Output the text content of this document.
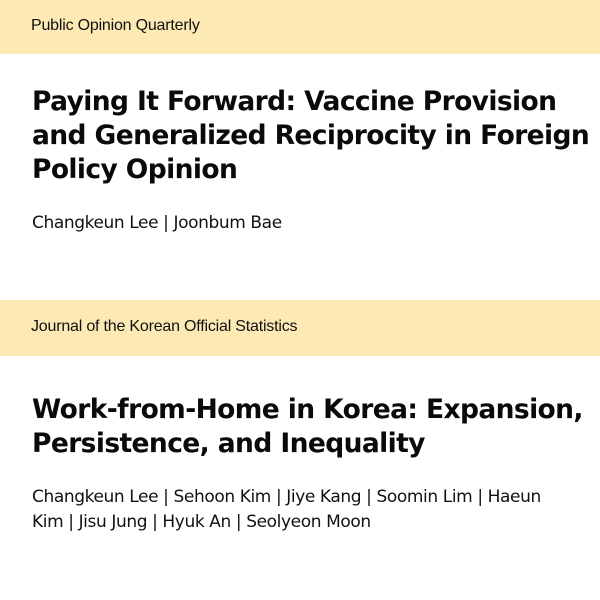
Public Opinion Quarterly
Paying It Forward: Vaccine Provision and Generalized Reciprocity in Foreign Policy Opinion
Changkeun Lee | Joonbum Bae
Journal of the Korean Official Statistics
Work-from-Home in Korea: Expansion, Persistence, and Inequality
Changkeun Lee | Sehoon Kim | Jiye Kang | Soomin Lim | Haeun Kim | Jisu Jung | Hyuk An | Seolyeon Moon
